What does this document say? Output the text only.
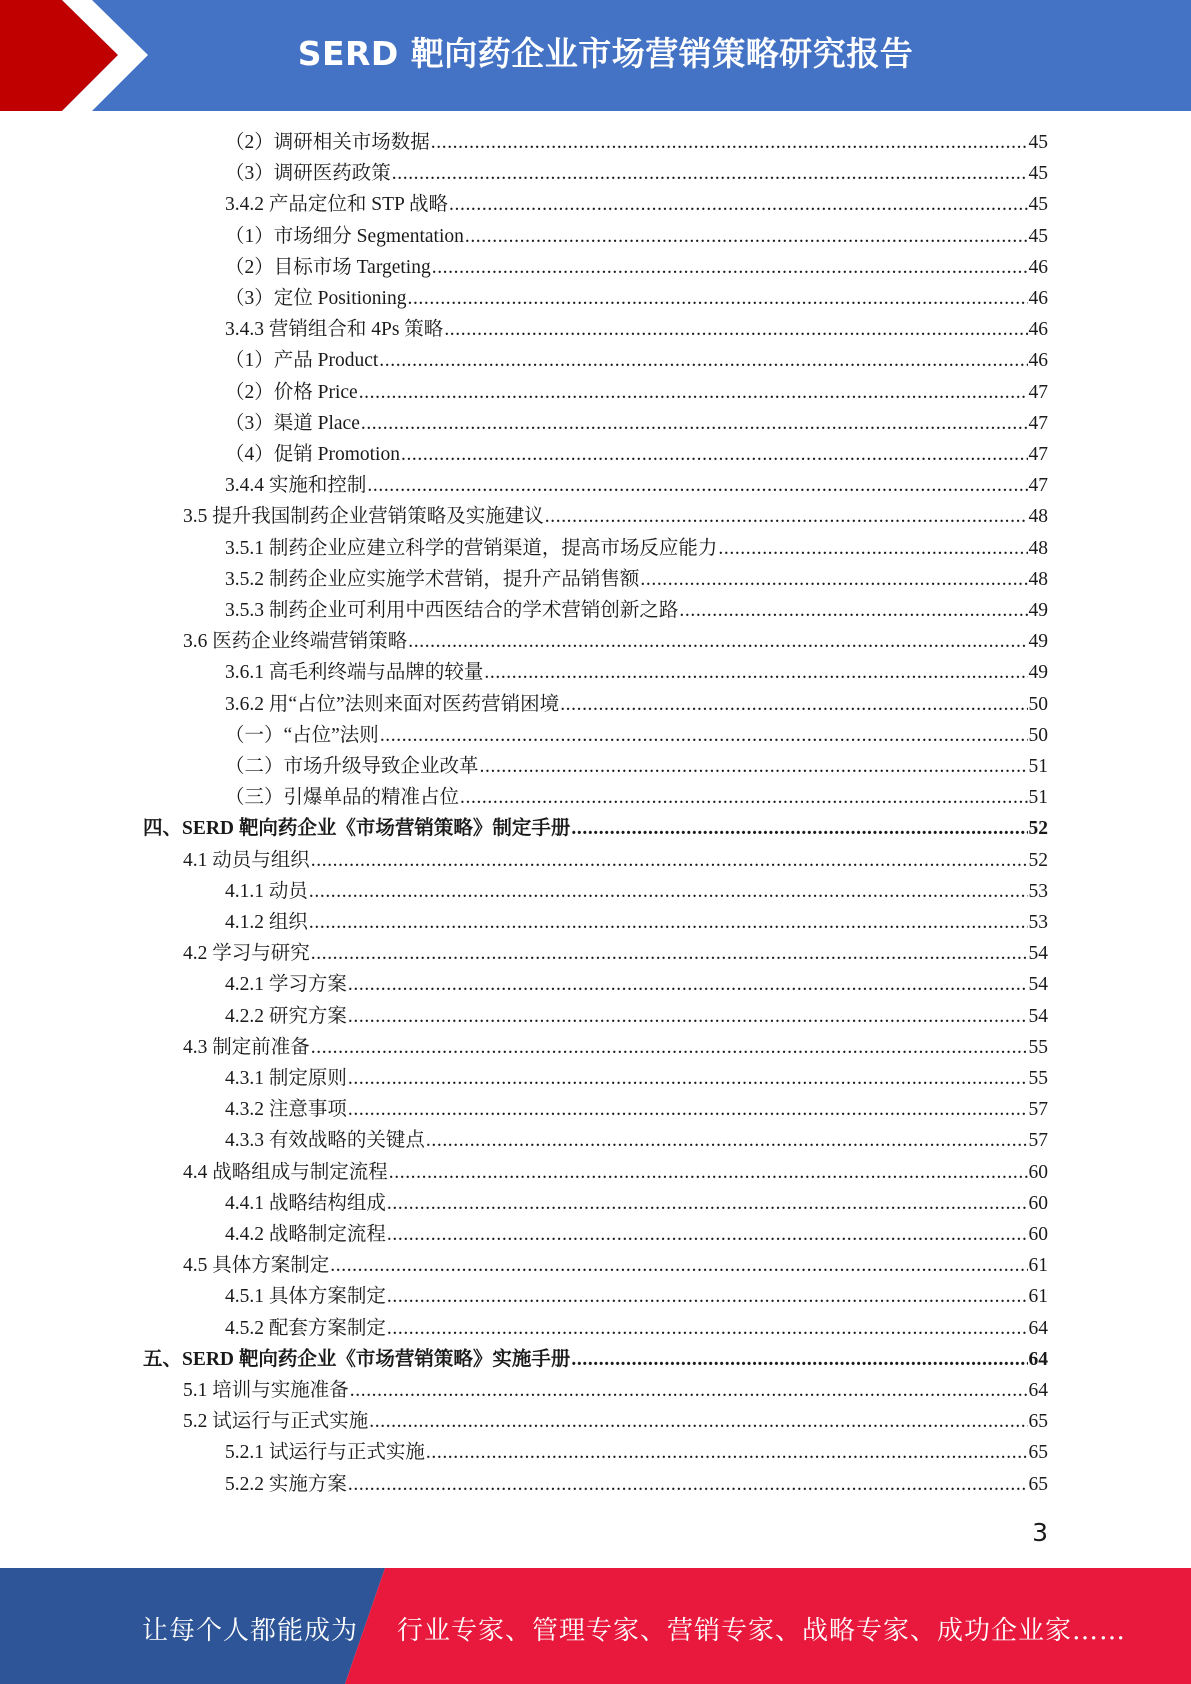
SERD 靶向药企业市场营销策略研究报告
（2）调研相关市场数据 .....	45
（3）调研医药政策 .....	45
3.4.2 产品定位和 STP 战略 .....	45
（1）市场细分 Segmentation .....	45
（2）目标市场 Targeting .....	46
（3）定位 Positioning .....	46
3.4.3 营销组合和 4Ps 策略 .....	46
（1）产品 Product .....	46
（2）价格 Price .....	47
（3）渠道 Place .....	47
（4）促销 Promotion .....	47
3.4.4 实施和控制 .....	47
3.5 提升我国制药企业营销策略及实施建议 .....	48
3.5.1 制药企业应建立科学的营销渠道，提高市场反应能力 .....	48
3.5.2 制药企业应实施学术营销，提升产品销售额 .....	48
3.5.3 制药企业可利用中西医结合的学术营销创新之路 .....	49
3.6 医药企业终端营销策略 .....	49
3.6.1 高毛利终端与品牌的较量 .....	49
3.6.2 用“占位”法则来面对医药营销困境 .....	50
（一）“占位”法则 .....	50
（二）市场升级导致企业改革 .....	51
（三）引爆单品的精准占位 .....	51
四、SERD 靶向药企业《市场营销策略》制定手册 .....	52
4.1 动员与组织 .....	52
4.1.1 动员 .....	53
4.1.2 组织 .....	53
4.2 学习与研究 .....	54
4.2.1 学习方案 .....	54
4.2.2 研究方案 .....	54
4.3 制定前准备 .....	55
4.3.1 制定原则 .....	55
4.3.2 注意事项 .....	57
4.3.3 有效战略的关键点 .....	57
4.4 战略组成与制定流程 .....	60
4.4.1 战略结构组成 .....	60
4.4.2 战略制定流程 .....	60
4.5 具体方案制定 .....	61
4.5.1 具体方案制定 .....	61
4.5.2 配套方案制定 .....	64
五、SERD 靶向药企业《市场营销策略》实施手册 .....	64
5.1 培训与实施准备 .....	64
5.2 试运行与正式实施 .....	65
5.2.1 试运行与正式实施 .....	65
5.2.2 实施方案 .....	65
3
让每个人都能成为 行业专家、管理专家、营销专家、战略专家、成功企业家……
